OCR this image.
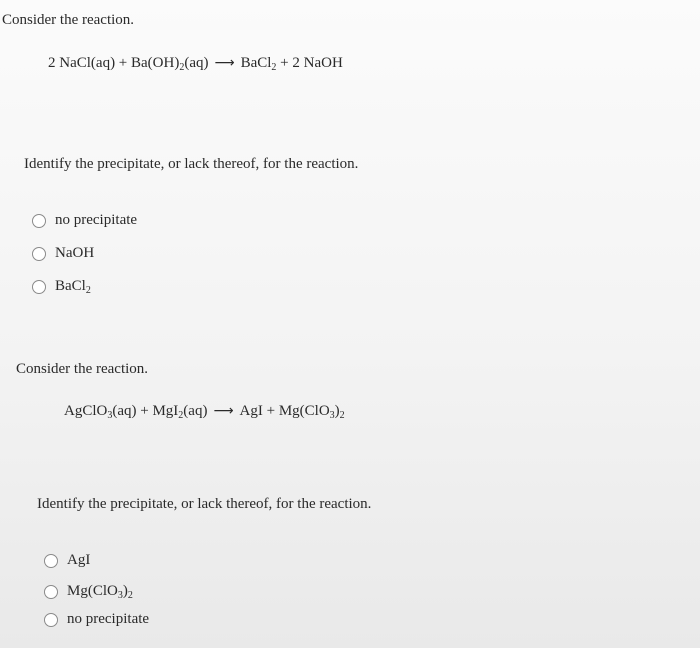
Consider the reaction.
2 NaCl(aq) + $Ba(OH)_2(aq)$ ⟶ BaCl$_2$ + 2 NaOH
Identify the precipitate, or lack thereof, for the reaction.
no precipitate
NaOH
BaCl$_2$
Consider the reaction.
AgClO$_3$(aq) + MgI$_2$(aq) ⟶ AgI + $Mg(ClO_3)_2$
Identify the precipitate, or lack thereof, for the reaction.
AgI
$Mg(ClO_3)_2$
no precipitate
